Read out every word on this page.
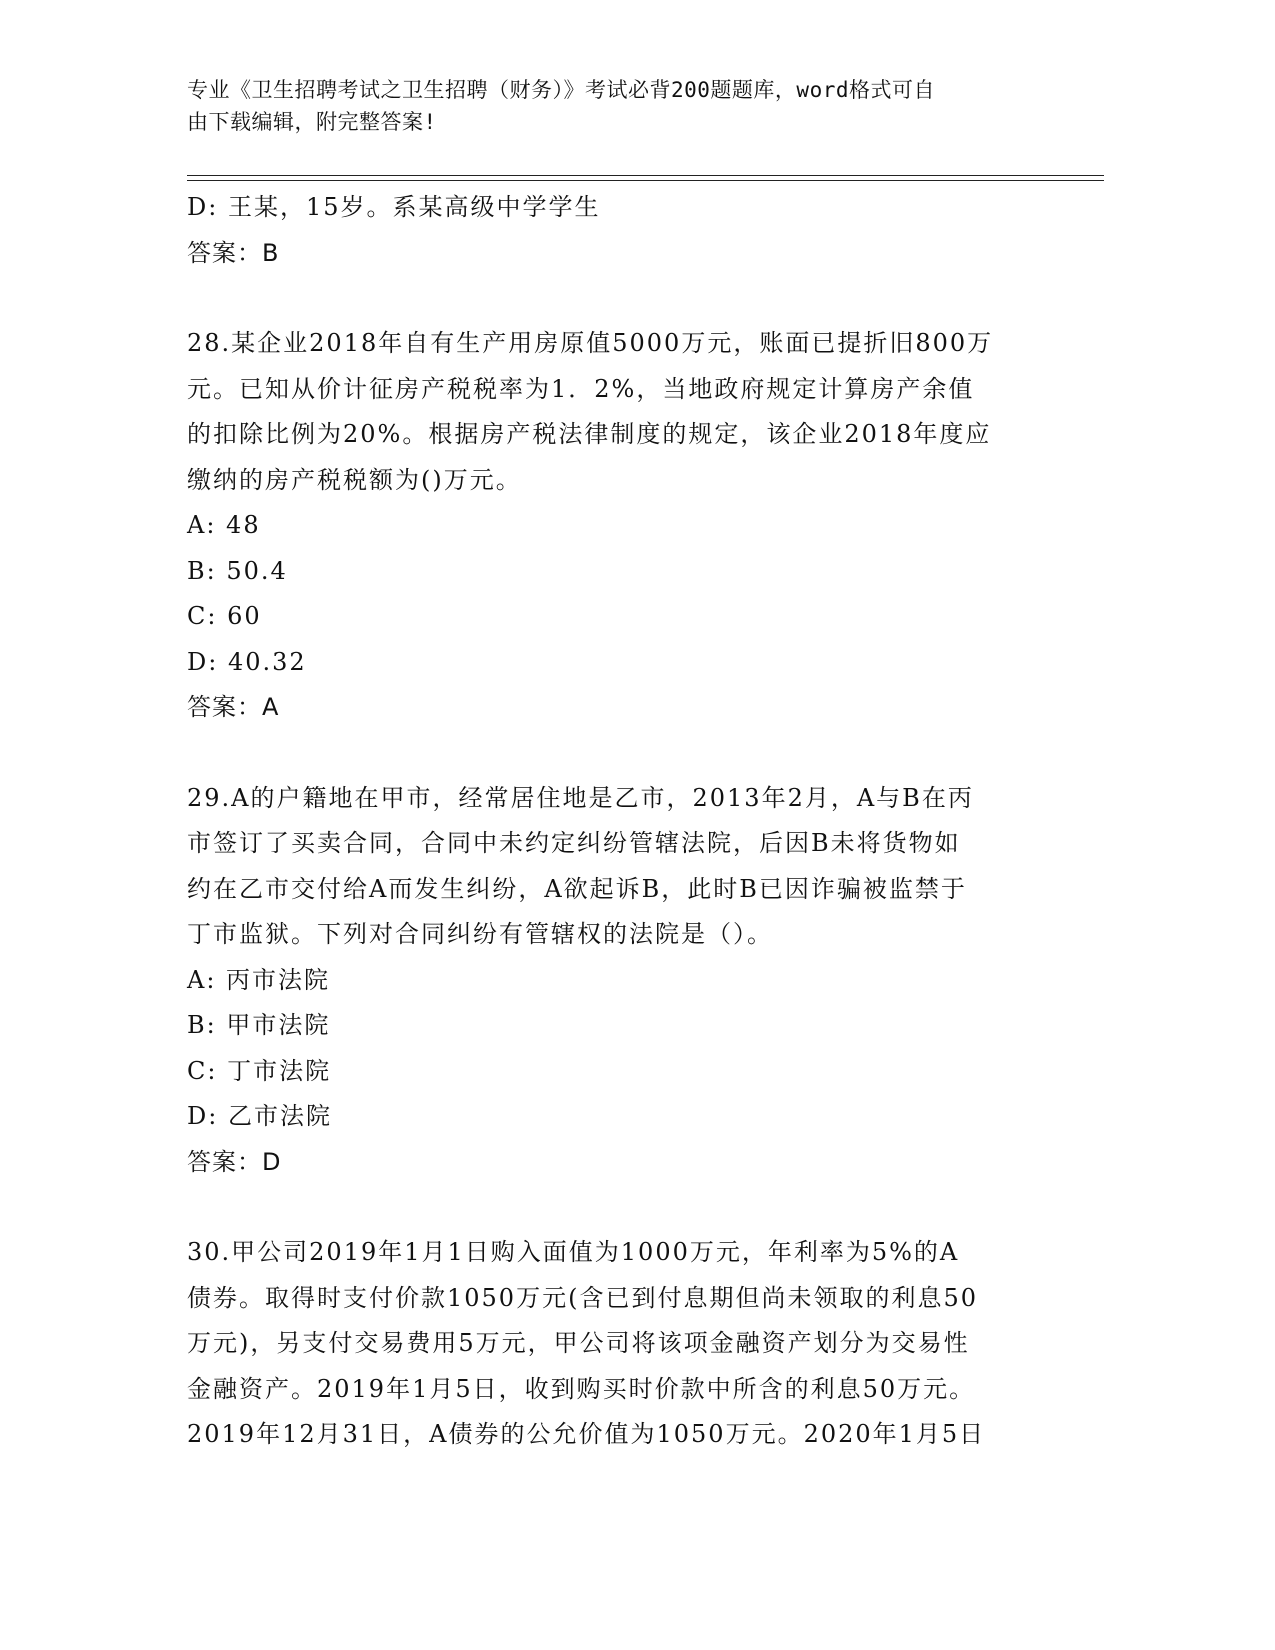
专业《卫生招聘考试之卫生招聘（财务）》考试必背200题题库，word格式可自
由下载编辑，附完整答案!

D: 王某，15岁。系某高级中学学生

答案：B

28.某企业2018年自有生产用房原值5000万元，账面已提折旧800万

元。已知从价计征房产税税率为1．2%，当地政府规定计算房产余值

的扣除比例为20%。根据房产税法律制度的规定，该企业2018年度应

缴纳的房产税税额为()万元。

A: 48

B: 50.4

C: 60

D: 40.32

答案：A

29.A的户籍地在甲市，经常居住地是乙市，2013年2月，A与B在丙

市签订了买卖合同，合同中未约定纠纷管辖法院，后因B未将货物如

约在乙市交付给A而发生纠纷，A欲起诉B，此时B已因诈骗被监禁于

丁市监狱。下列对合同纠纷有管辖权的法院是（）。

A: 丙市法院

B: 甲市法院

C: 丁市法院

D: 乙市法院

答案：D

30.甲公司2019年1月1日购入面值为1000万元，年利率为5%的A

债券。取得时支付价款1050万元(含已到付息期但尚未领取的利息50

万元)，另支付交易费用5万元，甲公司将该项金融资产划分为交易性

金融资产。2019年1月5日，收到购买时价款中所含的利息50万元。

2019年12月31日，A债券的公允价值为1050万元。2020年1月5日
